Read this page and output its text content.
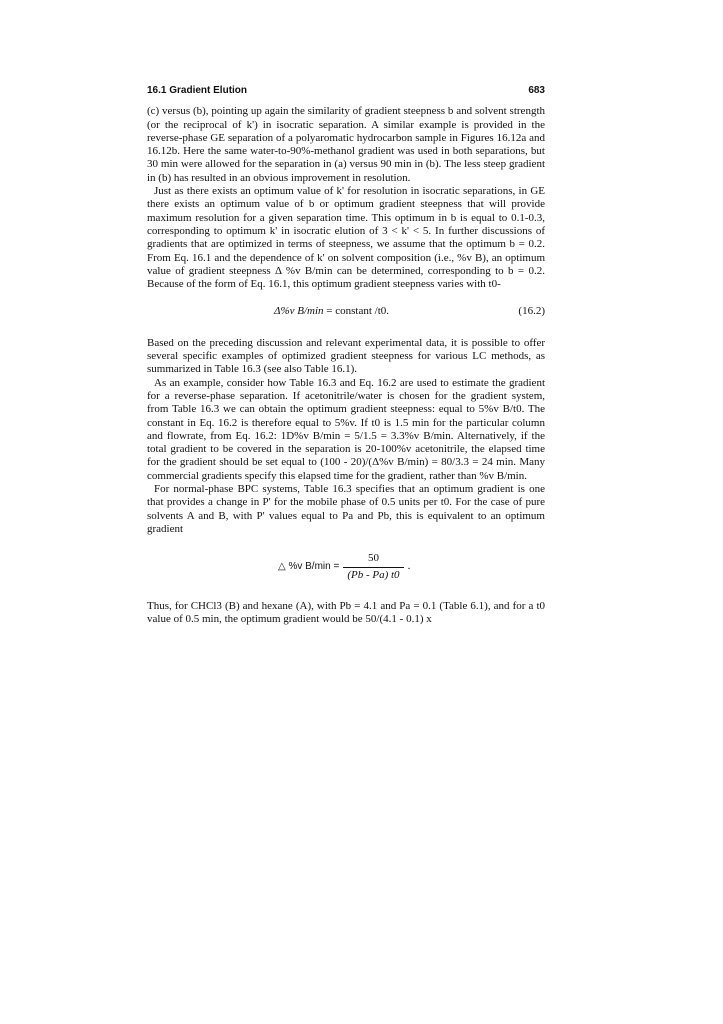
16.1 Gradient Elution	683

(c) versus (b), pointing up again the similarity of gradient steepness b and solvent strength (or the reciprocal of k') in isocratic separation. A similar example is provided in the reverse-phase GE separation of a polyaromatic hydrocarbon sample in Figures 16.12a and 16.12b. Here the same water-to-90%-methanol gradient was used in both separations, but 30 min were allowed for the separation in (a) versus 90 min in (b). The less steep gradient in (b) has resulted in an obvious improvement in resolution.

Just as there exists an optimum value of k' for resolution in isocratic separations, in GE there exists an optimum value of b or optimum gradient steepness that will provide maximum resolution for a given separation time. This optimum in b is equal to 0.1-0.3, corresponding to optimum k' in isocratic elution of 3 < k' < 5. In further discussions of gradients that are optimized in terms of steepness, we assume that the optimum b = 0.2. From Eq. 16.1 and the dependence of k' on solvent composition (i.e., %v B), an optimum value of gradient steepness Δ %v B/min can be determined, corresponding to b = 0.2. Because of the form of Eq. 16.1, this optimum gradient steepness varies with t0-

Δ%v B/min = constant /t0.	(16.2)

Based on the preceding discussion and relevant experimental data, it is possible to offer several specific examples of optimized gradient steepness for various LC methods, as summarized in Table 16.3 (see also Table 16.1).

As an example, consider how Table 16.3 and Eq. 16.2 are used to estimate the gradient for a reverse-phase separation. If acetonitrile/water is chosen for the gradient system, from Table 16.3 we can obtain the optimum gradient steepness: equal to 5%v B/t0. The constant in Eq. 16.2 is therefore equal to 5%v. If t0 is 1.5 min for the particular column and flowrate, from Eq. 16.2: 1D%v B/min = 5/1.5 = 3.3%v B/min. Alternatively, if the total gradient to be covered in the separation is 20-100%v acetonitrile, the elapsed time for the gradient should be set equal to (100 - 20)/(Δ%v B/min) = 80/3.3 = 24 min. Many commercial gradients specify this elapsed time for the gradient, rather than %v B/min.

For normal-phase BPC systems, Table 16.3 specifies that an optimum gradient is one that provides a change in P' for the mobile phase of 0.5 units per t0. For the case of pure solvents A and B, with P' values equal to Pa and Pb, this is equivalent to an optimum gradient

△ %v $B/\min = \frac{50}{(Pb - Pa) t0}$ .

Thus, for CHCl3 (B) and hexane (A), with Pb = 4.1 and Pa = 0.1 (Table 6.1), and for a t0 value of 0.5 min, the optimum gradient would be 50/(4.1 - 0.1) x
